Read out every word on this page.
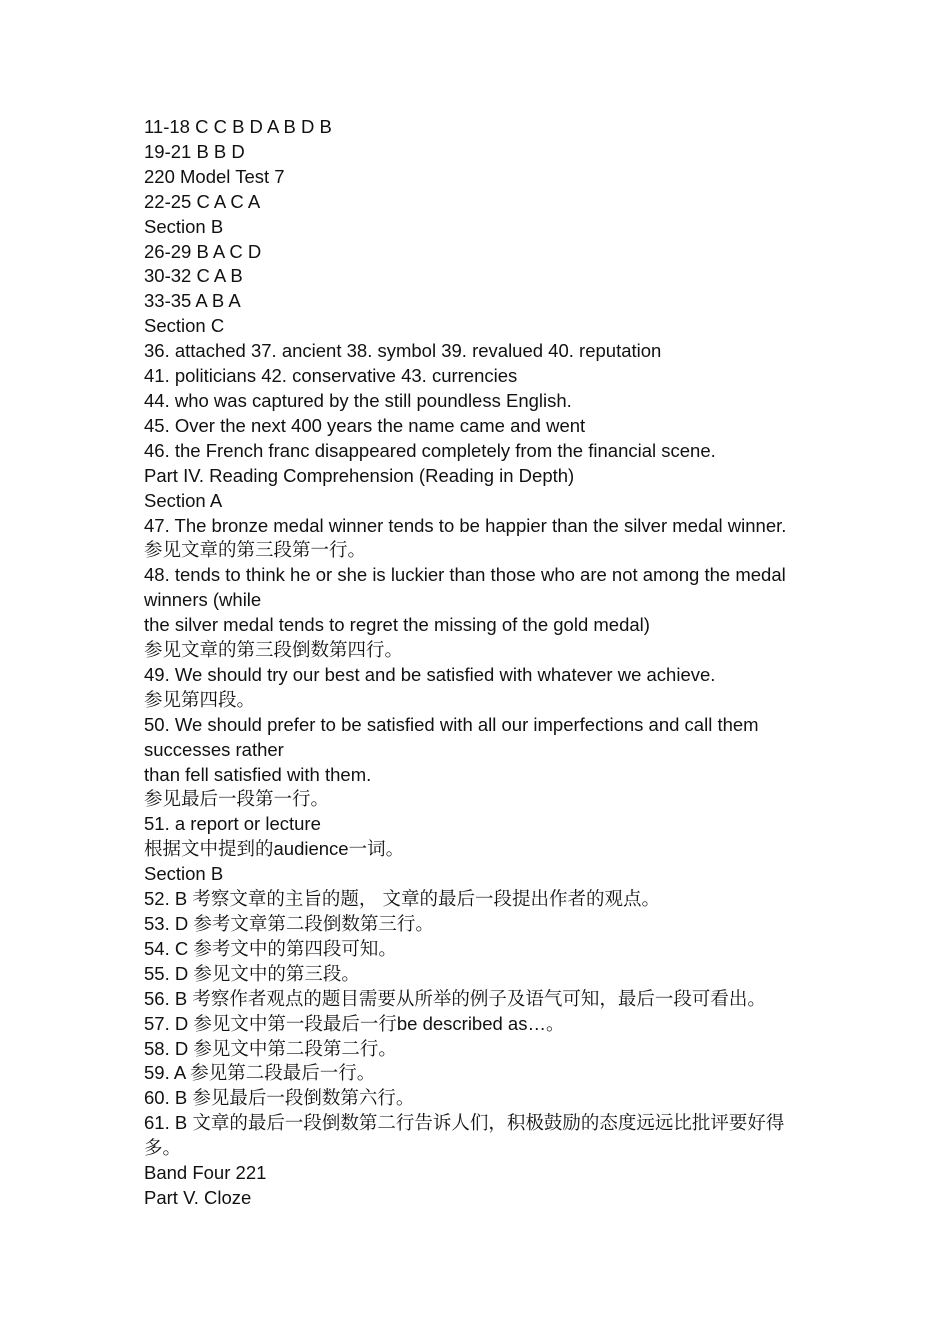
11-18 C C B D A B D B

19-21 B B D

220 Model Test 7

22-25 C A C A

Section B

26-29 B A C D

30-32 C A B

33-35 A B A

Section C

36. attached 37. ancient 38. symbol 39. revalued 40. reputation

41. politicians 42. conservative 43. currencies

44. who was captured by the still poundless English.

45. Over the next 400 years the name came and went

46. the French franc disappeared completely from the financial scene.

Part IV. Reading Comprehension (Reading in Depth)

Section A

47. The bronze medal winner tends to be happier than the silver medal winner.

参见文章的第三段第一行。

48. tends to think he or she is luckier than those who are not among the medal

winners (while

the silver medal tends to regret the missing of the gold medal)

参见文章的第三段倒数第四行。

49. We should try our best and be satisfied with whatever we achieve.

参见第四段。

50. We should prefer to be satisfied with all our imperfections and call them

successes rather

than fell satisfied with them.

参见最后一段第一行。

51. a report or lecture

根据文中提到的audience一词。

Section B

52. B 考察文章的主旨的题， 文章的最后一段提出作者的观点。

53. D 参考文章第二段倒数第三行。

54. C 参考文中的第四段可知。

55. D 参见文中的第三段。

56. B 考察作者观点的题目需要从所举的例子及语气可知，最后一段可看出。

57. D 参见文中第一段最后一行be described as…。

58. D 参见文中第二段第二行。

59. A 参见第二段最后一行。

60. B 参见最后一段倒数第六行。

61. B 文章的最后一段倒数第二行告诉人们，积极鼓励的态度远远比批评要好得

多。

Band Four 221

Part V. Cloze
